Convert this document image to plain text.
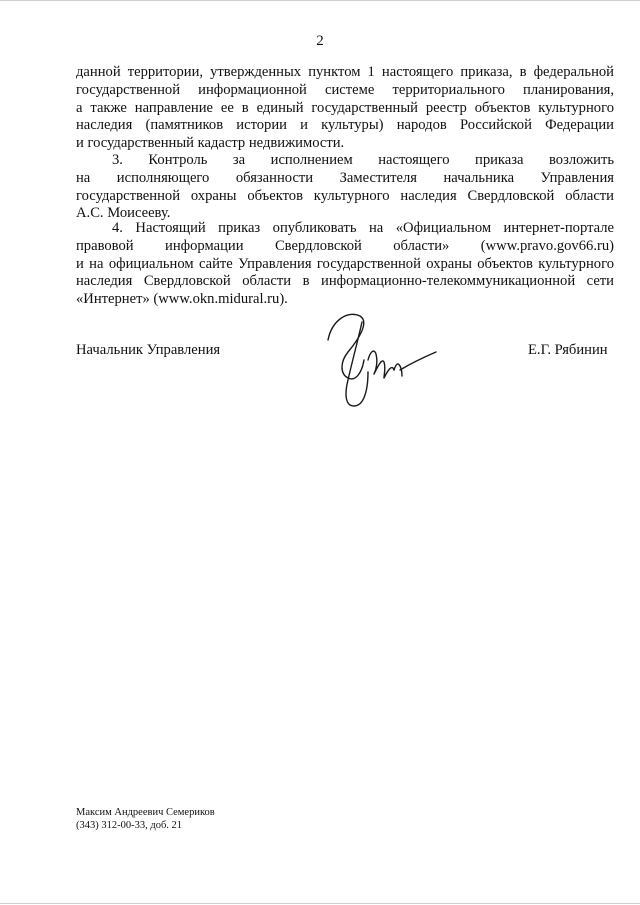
2
данной территории, утвержденных пунктом 1 настоящего приказа, в федеральной
государственной информационной системе территориального планирования,
а также направление ее в единый государственный реестр объектов культурного
наследия (памятников истории и культуры) народов Российской Федерации
и государственный кадастр недвижимости.
3. Контроль за исполнением настоящего приказа возложить
на исполняющего обязанности Заместителя начальника Управления
государственной охраны объектов культурного наследия Свердловской области
А.С. Моисееву.
4. Настоящий приказ опубликовать на «Официальном интернет-портале
правовой информации Свердловской области» (www.pravo.gov66.ru)
и на официальном сайте Управления государственной охраны объектов культурного
наследия Свердловской области в информационно-телекоммуникационной сети
«Интернет» (www.okn.midural.ru).
Начальник Управления	Е.Г. Рябинин
Максим Андреевич Семериков
(343) 312-00-33, доб. 21
